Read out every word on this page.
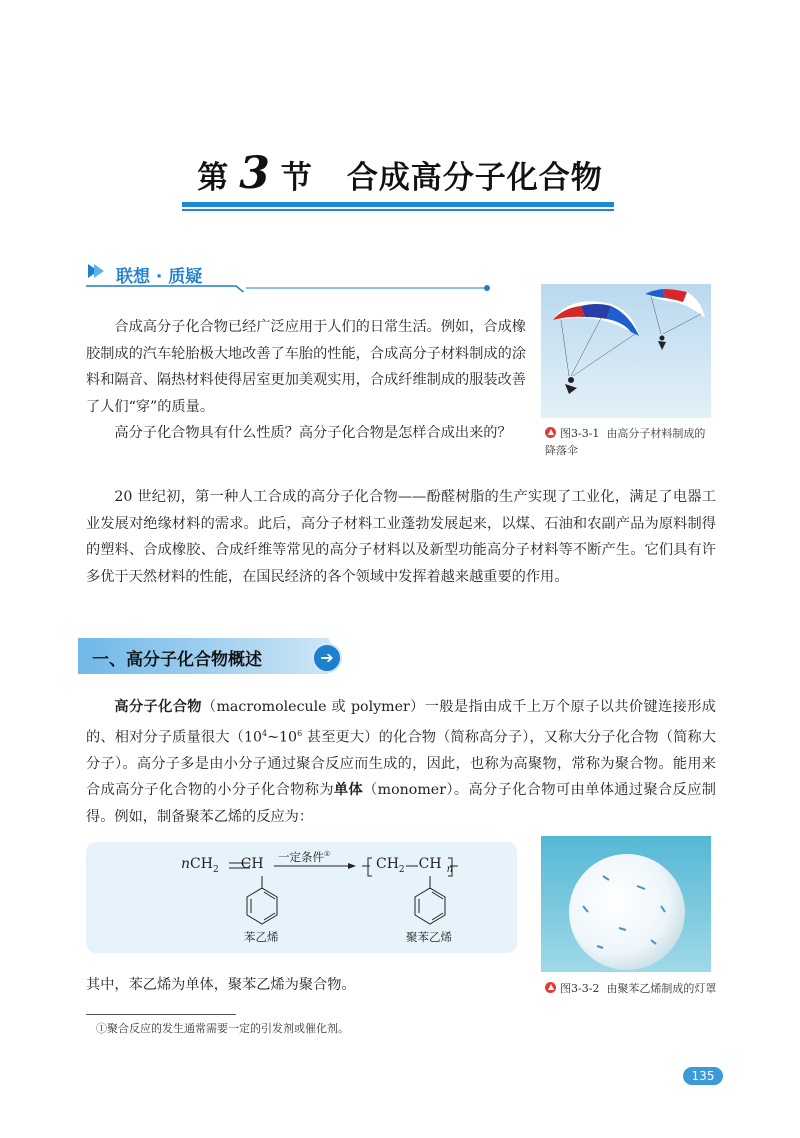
第 3 节 合成高分子化合物
联想 · 质疑
合成高分子化合物已经广泛应用于人们的日常生活。例如，合成橡胶制成的汽车轮胎极大地改善了车胎的性能，合成高分子材料制成的涂料和隔音、隔热材料使得居室更加美观实用，合成纤维制成的服装改善了人们“穿”的质量。
高分子化合物具有什么性质？高分子化合物是怎样合成出来的？	图3-3-1 由高分子材料制成的降落伞
20 世纪初，第一种人工合成的高分子化合物——酚醛树脂的生产实现了工业化，满足了电器工业发展对绝缘材料的需求。此后，高分子材料工业蓬勃发展起来，以煤、石油和农副产品为原料制得的塑料、合成橡胶、合成纤维等常见的高分子材料以及新型功能高分子材料等不断产生。它们具有许多优于天然材料的性能，在国民经济的各个领域中发挥着越来越重要的作用。
一、高分子化合物概述	➔
高分子化合物（macromolecule 或 polymer）一般是指由成千上万个原子以共价键连接形成的、相对分子质量很大（$10^4\sim 10^6$ 甚至更大）的化合物（简称高分子），又称大分子化合物（简称大分子）。高分子多是由小分子通过聚合反应而生成的，因此，也称为高聚物，常称为聚合物。能用来合成高分子化合物的小分子化合物称为单体（monomer）。高分子化合物可由单体通过聚合反应制得。例如，制备聚苯乙烯的反应为：
nCH$_2$ CH 一定条件①
$CH_2$ CH $_n$
苯乙烯	聚苯乙烯
图3-3-2 由聚苯乙烯制成的灯罩
其中，苯乙烯为单体，聚苯乙烯为聚合物。
①聚合反应的发生通常需要一定的引发剂或催化剂。
135
